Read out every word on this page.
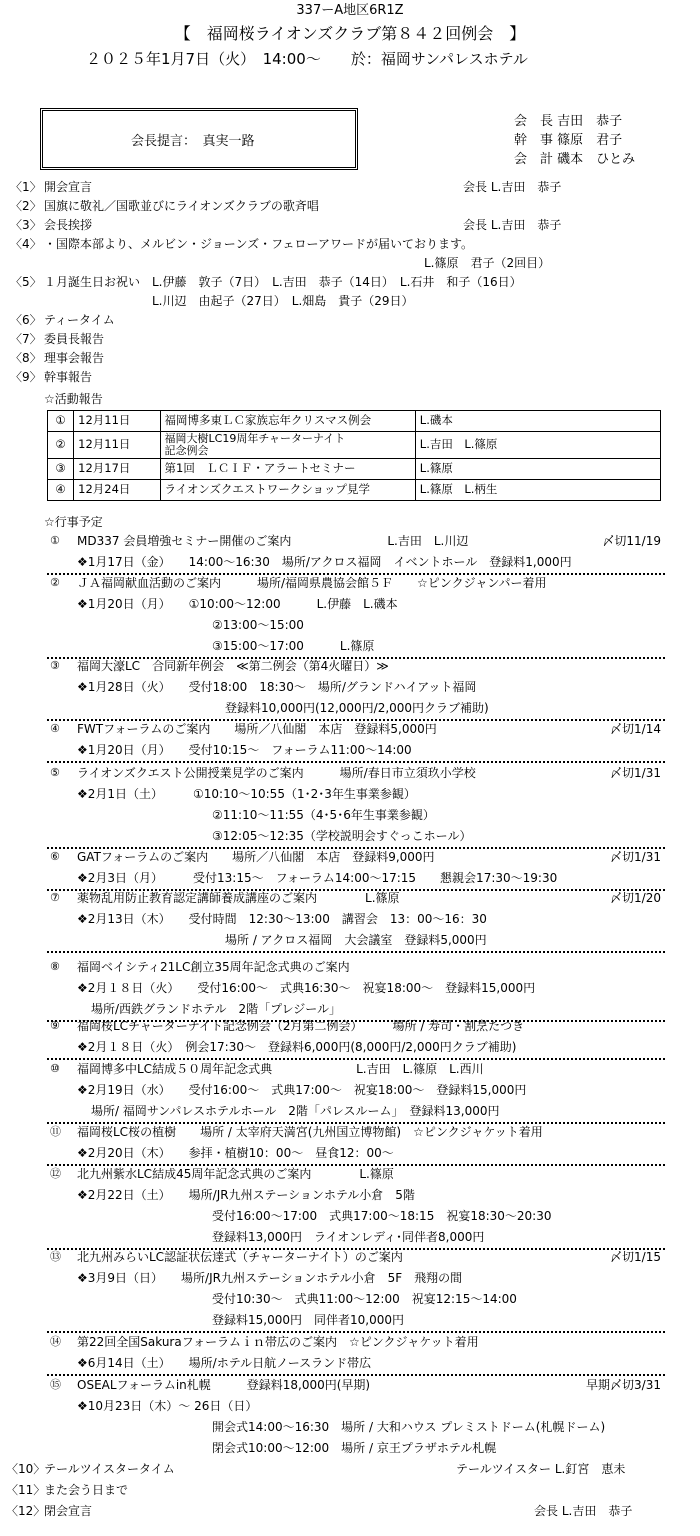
337ーA地区6R1Z
【　福岡桜ライオンズクラブ第８４２回例会　】
２０２５年1月7日（火）　14:00～　　於：福岡サンパレスホテル
会長提言：　真実一路
会　長 吉田　恭子
幹　事 篠原　君子
会　計 磯本　ひとみ
〈1〉 開会宣言	会長 L.吉田　恭子
〈2〉 国旗に敬礼／国歌並びにライオンズクラブの歌斉唱
〈3〉 会長挨拶	会長 L.吉田　恭子
〈4〉 ・国際本部より、メルビン・ジョーンズ・フェローアワードが届いております。
L.篠原　君子（2回目）
〈5〉 １月誕生日お祝い　L.伊藤　敦子（7日）　L.吉田　恭子（14日）　L.石井　和子（16日）
　　　　　　　　　L.川辺　由起子（27日）　L.畑島　貴子（29日）
〈6〉 ティータイム
〈7〉 委員長報告
〈8〉 理事会報告
〈9〉 幹事報告
☆活動報告
①	12月11日	福岡博多東ＬＣ家族忘年クリスマス例会	L.磯本
②	12月11日	福岡大樹LC19周年チャーターナイト
記念例会	L.吉田　L.篠原
③	12月17日	第1回　ＬＣＩＦ・アラートセミナー	L.篠原
④	12月24日	ライオンズクエストワークショップ見学	L.篠原　L.柄生
☆行事予定
① MD337 会員増強セミナー開催のご案内　　　　　　　　L.吉田　L.川辺
❖1月17日（金）　　14:00～16:30　場所/アクロス福岡　イベントホール　登録料1,000円
〆切11/19
② ＪＡ福岡献血活動のご案内　　　場所/福岡県農協会館５Ｆ　　☆ピンクジャンパー着用
❖1月20日（月）　　①10:00～12:00　　　L.伊藤　L.磯本
②13:00～15:00
③15:00～17:00　　　L.篠原
③ 福岡大濠LC　合同新年例会　≪第二例会（第4火曜日）≫
❖1月28日（火）　　受付18:00　18:30～　場所/グランドハイアット福岡
登録料10,000円(12,000円/2,000円クラブ補助)
④ FWTフォーラムのご案内　　場所／八仙閣　本店　登録料5,000円
❖1月20日（月）　　受付10:15～　フォーラム11:00～14:00
〆切1/14
⑤ ライオンズクエスト公開授業見学のご案内　　　場所/春日市立須玖小学校
❖2月1日（土）　　　①10:10～10:55（1･2･3年生事業参観）
②11:10～11:55（4･5･6年生事業参観）
③12:05～12:35（学校説明会すぐっこホール）
〆切1/31
⑥ GATフォーラムのご案内　　場所／八仙閣　本店　登録料9,000円
❖2月3日（月）　　　受付13:15～　フォーラム14:00～17:15　　懇親会17:30～19:30
〆切1/31
⑦ 薬物乱用防止教育認定講師養成講座のご案内　　　　L.篠原
❖2月13日（木）　　受付時間　12:30～13:00　講習会　13：00～16：30
場所 / アクロス福岡　大会議室　登録料5,000円
〆切1/20
⑧ 福岡ベイシティ21LC創立35周年記念式典のご案内
❖2月１８日（火）　　受付16:00～　式典16:30～　祝宴18:00～　登録料15,000円
場所/西鉄グランドホテル　2階「プレジール」
⑨ 福岡桜LCチャーターナイト記念例会（2月第二例会）　　　場所 / 寿司・割烹たつき
❖2月１８日（火）　例会17:30～　登録料6,000円(8,000円/2,000円クラブ補助)
⑩ 福岡博多中LC結成５０周年記念式典　　　　　　　L.吉田　L.篠原　L.西川
❖2月19日（水）　　受付16:00～　式典17:00～　祝宴18:00～　登録料15,000円
場所/ 福岡サンパレスホテルホール　2階「パレスルーム」　登録料13,000円
⑪ 福岡桜LC桜の植樹　　場所 / 太宰府天満宮(九州国立博物館)　☆ピンクジャケット着用
❖2月20日（木）　　参拝・植樹10：00～　昼食12：00～
⑫ 北九州紫水LC結成45周年記念式典のご案内　　　　L.篠原
❖2月22日（土）　　場所/JR九州ステーションホテル小倉　5階
受付16:00～17:00　式典17:00～18:15　祝宴18:30～20:30
登録料13,000円　ライオンレディ･同伴者8,000円
⑬ 北九州みらいLC認証状伝達式（チャーターナイト）のご案内
❖3月9日（日）　　場所/JR九州ステーションホテル小倉　5F　飛翔の間
受付10:30～　式典11:00～12:00　祝宴12:15～14:00
登録料15,000円　同伴者10,000円
〆切1/15
⑭ 第22回全国Sakuraフォーラムｉｎ帯広のご案内　☆ピンクジャケット着用
❖6月14日（土）　　場所/ホテル日航ノースランド帯広
⑮ OSEALフォーラムin札幌　　　登録料18,000円(早期)
❖10月23日（木）～ 26日（日）
開会式14:00～16:30　場所 / 大和ハウス プレミストドーム(札幌ドーム)
閉会式10:00～12:00　場所 / 京王プラザホテル札幌
早期〆切3/31
〈10〉
テールツイスタータイム	テールツイスター L.釘宮　恵未
〈11〉
また会う日まで
〈12〉
閉会宣言	会長 L.吉田　恭子
